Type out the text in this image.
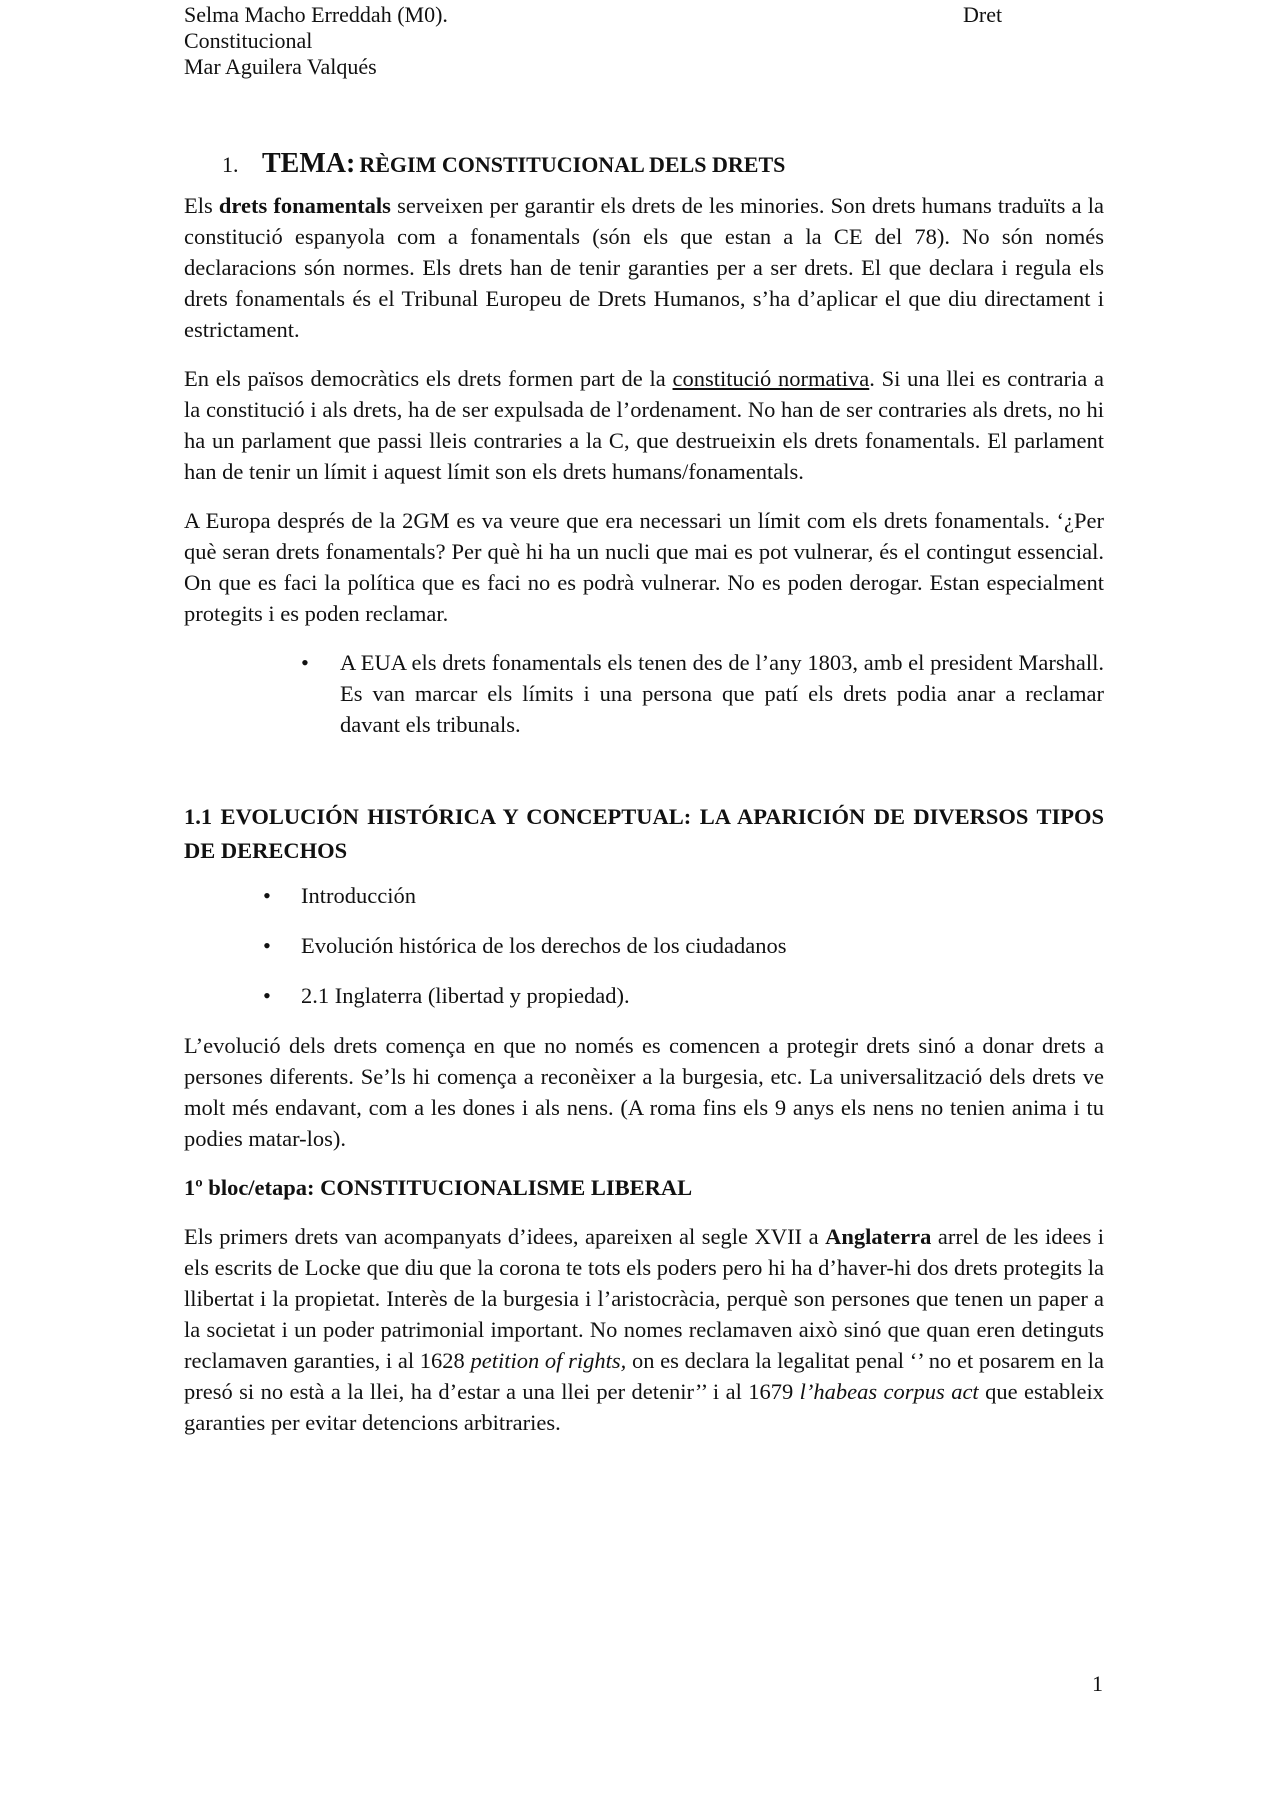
Selma Macho Erreddah (M0).	Dret
Constitucional
Mar Aguilera Valqués
1. TEMA: RÈGIM CONSTITUCIONAL DELS DRETS

Els drets fonamentals serveixen per garantir els drets de les minories. Son drets humans traduïts a la constitució espanyola com a fonamentals (són els que estan a la CE del 78). No són només declaracions són normes. Els drets han de tenir garanties per a ser drets. El que declara i regula els drets fonamentals és el Tribunal Europeu de Drets Humanos, s’ha d’aplicar el que diu directament i estrictament.

En els països democràtics els drets formen part de la constitució normativa. Si una llei es contraria a la constitució i als drets, ha de ser expulsada de l’ordenament. No han de ser contraries als drets, no hi ha un parlament que passi lleis contraries a la C, que destrueixin els drets fonamentals. El parlament han de tenir un límit i aquest límit son els drets humans/fonamentals.

A Europa després de la 2GM es va veure que era necessari un límit com els drets fonamentals. ‘¿Per què seran drets fonamentals? Per què hi ha un nucli que mai es pot vulnerar, és el contingut essencial. On que es faci la política que es faci no es podrà vulnerar. No es poden derogar. Estan especialment protegits i es poden reclamar.

• A EUA els drets fonamentals els tenen des de l’any 1803, amb el president Marshall. Es van marcar els límits i una persona que patí els drets podia anar a reclamar davant els tribunals.
1.1 EVOLUCIÓN HISTÓRICA Y CONCEPTUAL: LA APARICIÓN DE DIVERSOS TIPOS DE DERECHOS
• Introducción
• Evolución histórica de los derechos de los ciudadanos
• 2.1 Inglaterra (libertad y propiedad).

L’evolució dels drets comença en que no només es comencen a protegir drets sinó a donar drets a persones diferents. Se’ls hi comença a reconèixer a la burgesia, etc. La universalització dels drets ve molt més endavant, com a les dones i als nens. (A roma fins els 9 anys els nens no tenien anima i tu podies matar-los).

1º bloc/etapa: CONSTITUCIONALISME LIBERAL

Els primers drets van acompanyats d’idees, apareixen al segle XVII a Anglaterra arrel de les idees i els escrits de Locke que diu que la corona te tots els poders pero hi ha d’haver-hi dos drets protegits la llibertat i la propietat. Interès de la burgesia i l’aristocràcia, perquè son persones que tenen un paper a la societat i un poder patrimonial important. No nomes reclamaven això sinó que quan eren detinguts reclamaven garanties, i al 1628 petition of rights, on es declara la legalitat penal ‘’ no et posarem en la presó si no està a la llei, ha d’estar a una llei per detenir’’ i al 1679 l’habeas corpus act que estableix garanties per evitar detencions arbitraries.

1
